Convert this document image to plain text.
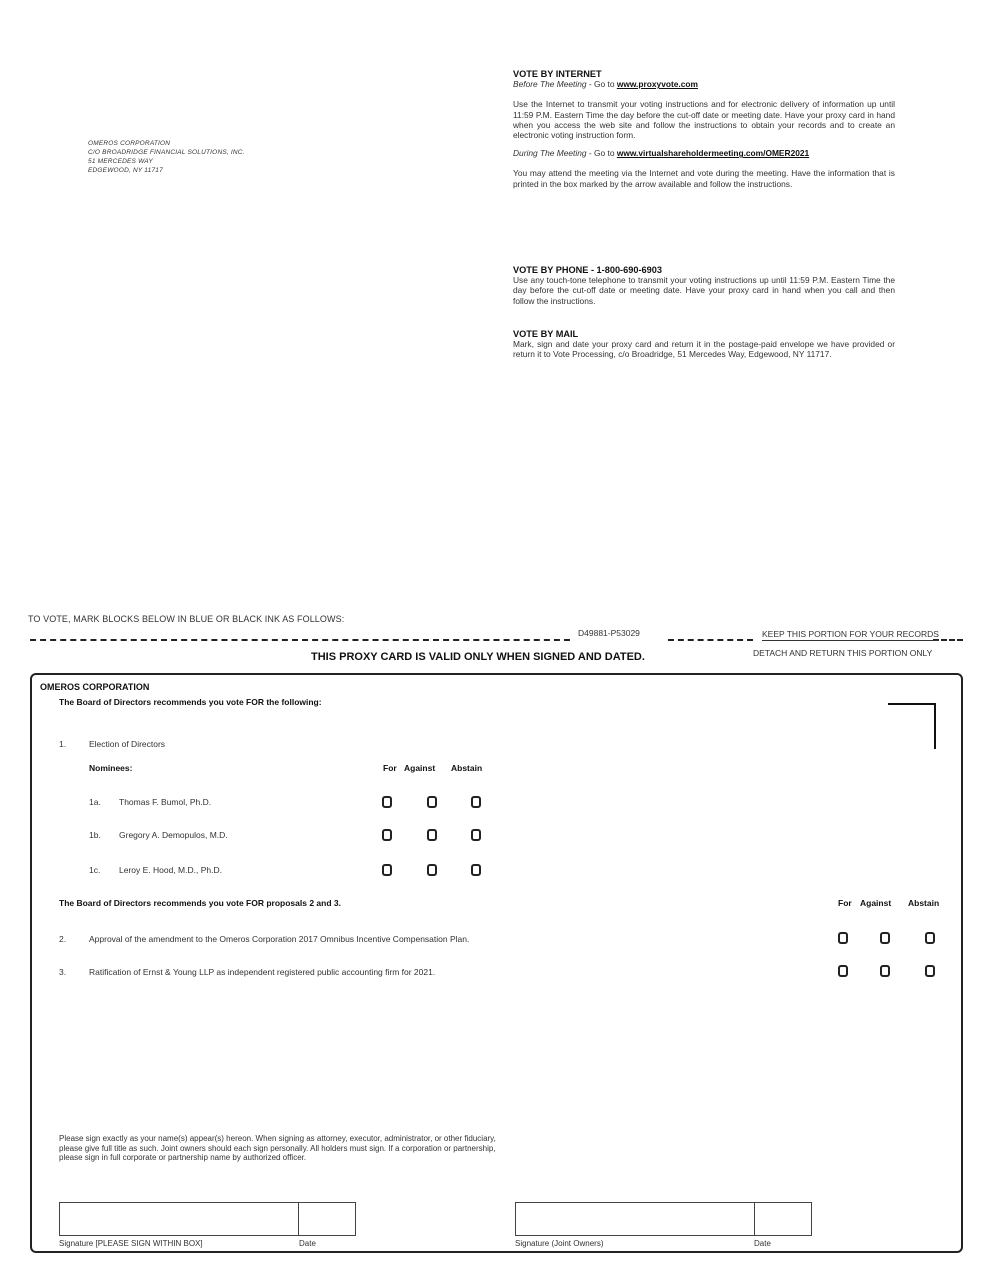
OMEROS CORPORATION
C/O BROADRIDGE FINANCIAL SOLUTIONS, INC.
51 MERCEDES WAY
EDGEWOOD, NY 11717
VOTE BY INTERNET
Before The Meeting - Go to www.proxyvote.com

Use the Internet to transmit your voting instructions and for electronic delivery of information up until 11:59 P.M. Eastern Time the day before the cut-off date or meeting date. Have your proxy card in hand when you access the web site and follow the instructions to obtain your records and to create an electronic voting instruction form.

During The Meeting - Go to www.virtualshareholdermeeting.com/OMER2021

You may attend the meeting via the Internet and vote during the meeting. Have the information that is printed in the box marked by the arrow available and follow the instructions.

VOTE BY PHONE - 1-800-690-6903

Use any touch-tone telephone to transmit your voting instructions up until 11:59 P.M. Eastern Time the day before the cut-off date or meeting date. Have your proxy card in hand when you call and then follow the instructions.

VOTE BY MAIL

Mark, sign and date your proxy card and return it in the postage-paid envelope we have provided or return it to Vote Processing, c/o Broadridge, 51 Mercedes Way, Edgewood, NY 11717.

TO VOTE, MARK BLOCKS BELOW IN BLUE OR BLACK INK AS FOLLOWS:
D49881-P53029	KEEP THIS PORTION FOR YOUR RECORDS
DETACH AND RETURN THIS PORTION ONLY
THIS PROXY CARD IS VALID ONLY WHEN SIGNED AND DATED.
OMEROS CORPORATION
The Board of Directors recommends you vote FOR the following:
1.	Election of Directors
Nominees:	For Against Abstain
1a. Thomas F. Bumol, Ph.D.
1b. Gregory A. Demopulos, M.D.
1c. Leroy E. Hood, M.D., Ph.D.
The Board of Directors recommends you vote FOR proposals 2 and 3.	For Against Abstain
2.	Approval of the amendment to the Omeros Corporation 2017 Omnibus Incentive Compensation Plan.
3.	Ratification of Ernst & Young LLP as independent registered public accounting firm for 2021.
Please sign exactly as your name(s) appear(s) hereon. When signing as attorney, executor, administrator, or other fiduciary, please give full title as such. Joint owners should each sign personally. All holders must sign. If a corporation or partnership, please sign in full corporate or partnership name by authorized officer.
Signature [PLEASE SIGN WITHIN BOX]	Date	Signature (Joint Owners)	Date
